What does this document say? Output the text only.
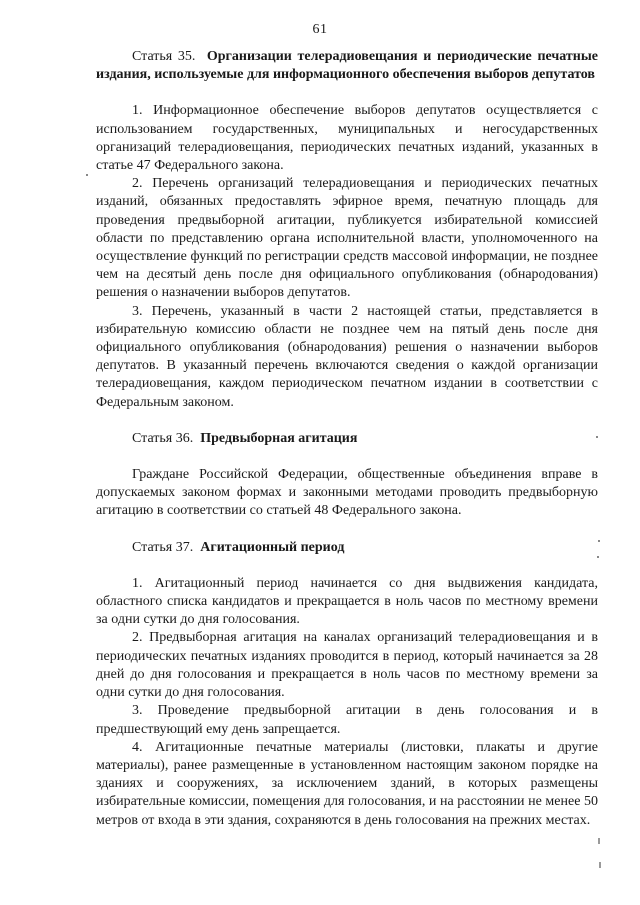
61

Статья 35. Организации телерадиовещания и периодические печатные издания, используемые для информационного обеспечения выборов депутатов

1. Информационное обеспечение выборов депутатов осуществляется с использованием государственных, муниципальных и негосударственных организаций телерадиовещания, периодических печатных изданий, указанных в статье 47 Федерального закона.

2. Перечень организаций телерадиовещания и периодических печатных изданий, обязанных предоставлять эфирное время, печатную площадь для проведения предвыборной агитации, публикуется избирательной комиссией области по представлению органа исполнительной власти, уполномоченного на осуществление функций по регистрации средств массовой информации, не позднее чем на десятый день после дня официального опубликования (обнародования) решения о назначении выборов депутатов.

3. Перечень, указанный в части 2 настоящей статьи, представляется в избирательную комиссию области не позднее чем на пятый день после дня официального опубликования (обнародования) решения о назначении выборов депутатов. В указанный перечень включаются сведения о каждой организации телерадиовещания, каждом периодическом печатном издании в соответствии с Федеральным законом.

Статья 36. Предвыборная агитация

Граждане Российской Федерации, общественные объединения вправе в допускаемых законом формах и законными методами проводить предвыборную агитацию в соответствии со статьей 48 Федерального закона.

Статья 37. Агитационный период

1. Агитационный период начинается со дня выдвижения кандидата, областного списка кандидатов и прекращается в ноль часов по местному времени за одни сутки до дня голосования.

2. Предвыборная агитация на каналах организаций телерадиовещания и в периодических печатных изданиях проводится в период, который начинается за 28 дней до дня голосования и прекращается в ноль часов по местному времени за одни сутки до дня голосования.

3. Проведение предвыборной агитации в день голосования и в предшествующий ему день запрещается.

4. Агитационные печатные материалы (листовки, плакаты и другие материалы), ранее размещенные в установленном настоящим законом порядке на зданиях и сооружениях, за исключением зданий, в которых размещены избирательные комиссии, помещения для голосования, и на расстоянии не менее 50 метров от входа в эти здания, сохраняются в день голосования на прежних местах.
